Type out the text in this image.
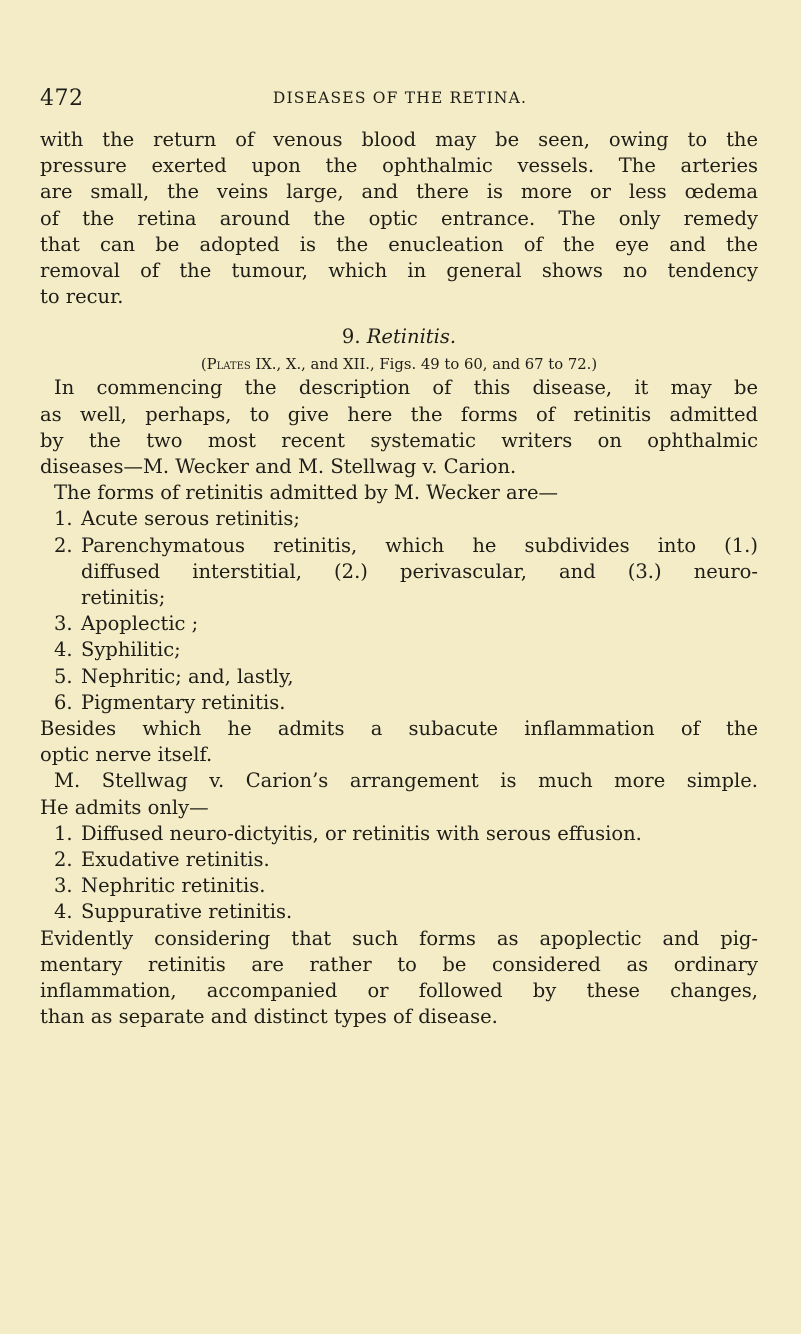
472	DISEASES OF THE RETINA.
with the return of venous blood may be seen, owing to the
pressure exerted upon the ophthalmic vessels. The arteries
are small, the veins large, and there is more or less œdema
of the retina around the optic entrance. The only remedy
that can be adopted is the enucleation of the eye and the
removal of the tumour, which in general shows no tendency
to recur.
9. Retinitis.
(Plates IX., X., and XII., Figs. 49 to 60, and 67 to 72.)
In commencing the description of this disease, it may be
as well, perhaps, to give here the forms of retinitis admitted
by the two most recent systematic writers on ophthalmic
diseases—M. Wecker and M. Stellwag v. Carion.
The forms of retinitis admitted by M. Wecker are—
1. Acute serous retinitis;
2. Parenchymatous retinitis, which he subdivides into (1.)
diffused interstitial, (2.) perivascular, and (3.) neuro-
retinitis;
3. Apoplectic ;
4. Syphilitic;
5. Nephritic; and, lastly,
6. Pigmentary retinitis.
Besides which he admits a subacute inflammation of the
optic nerve itself.
M. Stellwag v. Carion’s arrangement is much more simple.
He admits only—
1. Diffused neuro-dictyitis, or retinitis with serous effusion.
2. Exudative retinitis.
3. Nephritic retinitis.
4. Suppurative retinitis.
Evidently considering that such forms as apoplectic and pig-
mentary retinitis are rather to be considered as ordinary
inflammation, accompanied or followed by these changes,
than as separate and distinct types of disease.
